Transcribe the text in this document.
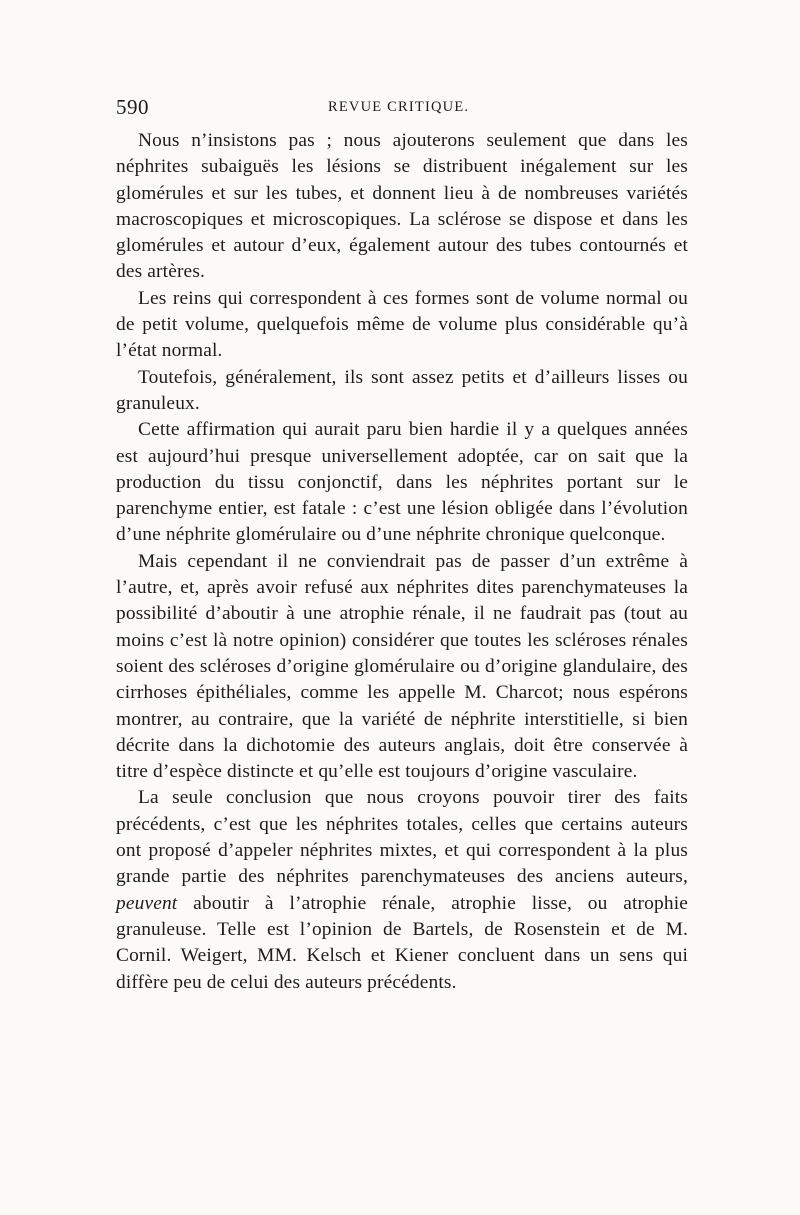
590	REVUE CRITIQUE.

Nous n’insistons pas ; nous ajouterons seulement que dans les néphrites subaiguës les lésions se distribuent inégalement sur les glomérules et sur les tubes, et donnent lieu à de nombreuses variétés macroscopiques et microscopiques. La sclérose se dispose et dans les glomérules et autour d’eux, également autour des tubes contournés et des artères.

Les reins qui correspondent à ces formes sont de volume normal ou de petit volume, quelquefois même de volume plus considérable qu’à l’état normal.

Toutefois, généralement, ils sont assez petits et d’ailleurs lisses ou granuleux.

Cette affirmation qui aurait paru bien hardie il y a quelques années est aujourd’hui presque universellement adoptée, car on sait que la production du tissu conjonctif, dans les néphrites portant sur le parenchyme entier, est fatale : c’est une lésion obligée dans l’évolution d’une néphrite glomérulaire ou d’une néphrite chronique quelconque.

Mais cependant il ne conviendrait pas de passer d’un extrême à l’autre, et, après avoir refusé aux néphrites dites parenchymateuses la possibilité d’aboutir à une atrophie rénale, il ne faudrait pas (tout au moins c’est là notre opinion) considérer que toutes les scléroses rénales soient des scléroses d’origine glomérulaire ou d’origine glandulaire, des cirrhoses épithéliales, comme les appelle M. Charcot; nous espérons montrer, au contraire, que la variété de néphrite interstitielle, si bien décrite dans la dichotomie des auteurs anglais, doit être conservée à titre d’espèce distincte et qu’elle est toujours d’origine vasculaire.

La seule conclusion que nous croyons pouvoir tirer des faits précédents, c’est que les néphrites totales, celles que certains auteurs ont proposé d’appeler néphrites mixtes, et qui correspondent à la plus grande partie des néphrites parenchymateuses des anciens auteurs, peuvent aboutir à l’atrophie rénale, atrophie lisse, ou atrophie granuleuse. Telle est l’opinion de Bartels, de Rosenstein et de M. Cornil. Weigert, MM. Kelsch et Kiener concluent dans un sens qui diffère peu de celui des auteurs précédents.
